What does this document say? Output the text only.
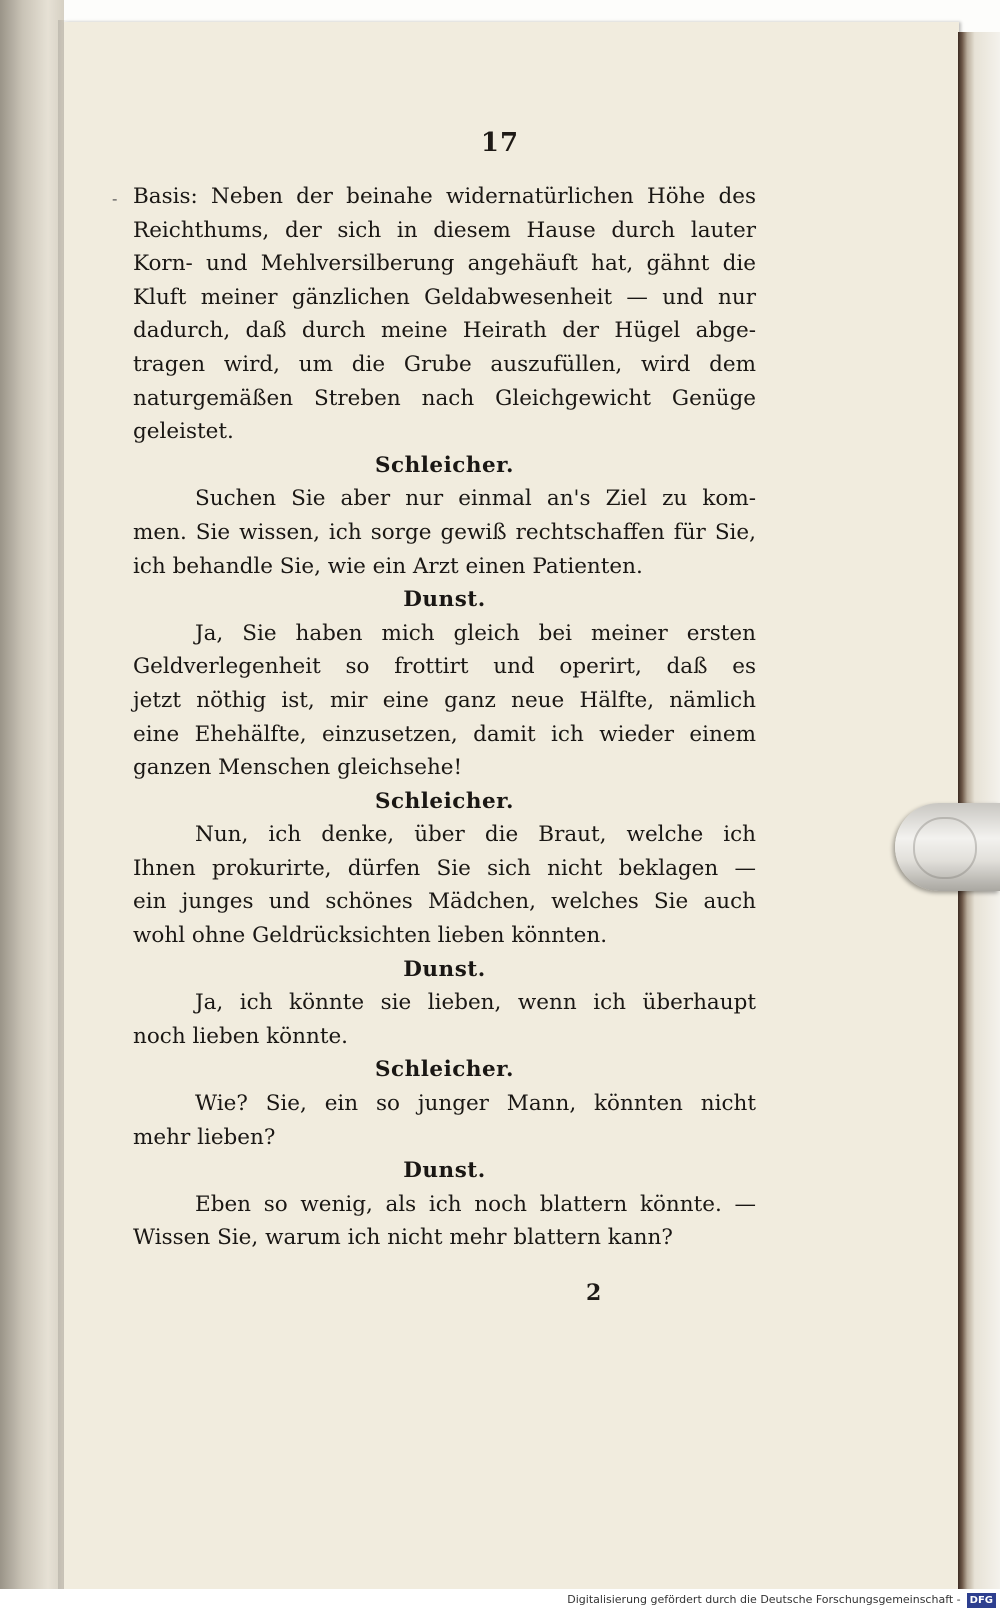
17
- Basis: Neben der beinahe widernatürlichen Höhe des
Reichthums, der sich in diesem Hause durch lauter
Korn- und Mehlversilberung angehäuft hat, gähnt die
Kluft meiner gänzlichen Geldabwesenheit — und nur
dadurch, daß durch meine Heirath der Hügel abge-
tragen wird, um die Grube auszufüllen, wird dem
naturgemäßen Streben nach Gleichgewicht Genüge
geleistet.
Schleicher.
Suchen Sie aber nur einmal an's Ziel zu kom-
men. Sie wissen, ich sorge gewiß rechtschaffen für Sie,
ich behandle Sie, wie ein Arzt einen Patienten.
Dunst.
Ja, Sie haben mich gleich bei meiner ersten
Geldverlegenheit so frottirt und operirt, daß es
jetzt nöthig ist, mir eine ganz neue Hälfte, nämlich
eine Ehehälfte, einzusetzen, damit ich wieder einem
ganzen Menschen gleichsehe!
Schleicher.
Nun, ich denke, über die Braut, welche ich
Ihnen prokurirte, dürfen Sie sich nicht beklagen —
ein junges und schönes Mädchen, welches Sie auch
wohl ohne Geldrücksichten lieben könnten.
Dunst.
Ja, ich könnte sie lieben, wenn ich überhaupt
noch lieben könnte.
Schleicher.
Wie? Sie, ein so junger Mann, könnten nicht
mehr lieben?
Dunst.
Eben so wenig, als ich noch blattern könnte. —
Wissen Sie, warum ich nicht mehr blattern kann?
2
Digitalisierung gefördert durch die Deutsche Forschungsgemeinschaft - DFG
